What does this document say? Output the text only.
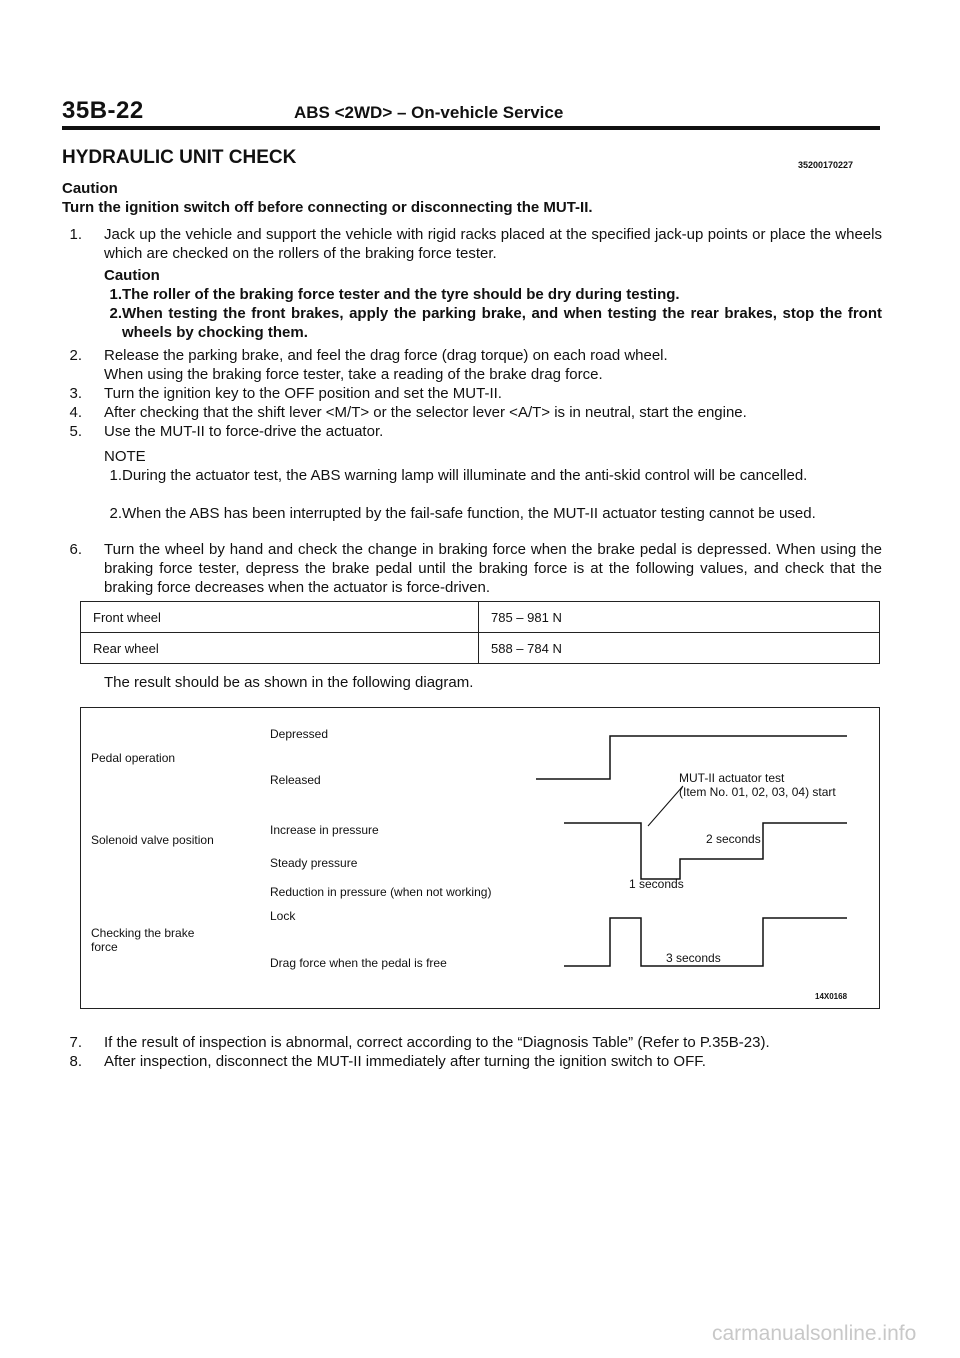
35B-22	ABS <2WD> – On-vehicle Service
HYDRAULIC UNIT CHECK	35200170227
Caution
Turn the ignition switch off before connecting or disconnecting the MUT-II.
1. Jack up the vehicle and support the vehicle with rigid racks placed at the specified jack-up points or place the wheels which are checked on the rollers of the braking force tester.
Caution
1. The roller of the braking force tester and the tyre should be dry during testing.
2. When testing the front brakes, apply the parking brake, and when testing the rear brakes, stop the front wheels by chocking them.
2. Release the parking brake, and feel the drag force (drag torque) on each road wheel.
When using the braking force tester, take a reading of the brake drag force.
3. Turn the ignition key to the OFF position and set the MUT-II.
4. After checking that the shift lever <M/T> or the selector lever <A/T> is in neutral, start the engine.
5. Use the MUT-II to force-drive the actuator.
NOTE
1. During the actuator test, the ABS warning lamp will illuminate and the anti-skid control will be cancelled.
2. When the ABS has been interrupted by the fail-safe function, the MUT-II actuator testing cannot be used.
6. Turn the wheel by hand and check the change in braking force when the brake pedal is depressed. When using the braking force tester, depress the brake pedal until the braking force is at the following values, and check that the braking force decreases when the actuator is force-driven.
Front wheel	785 – 981 N
Rear wheel	588 – 784 N
The result should be as shown in the following diagram.
Pedal operation
Solenoid valve position
Checking the brake force
Depressed
Released
Increase in pressure
Steady pressure
Reduction in pressure (when not working)
Lock
Drag force when the pedal is free
MUT-II actuator test
(Item No. 01, 02, 03, 04) start
2 seconds
1 seconds
3 seconds
14X0168
7. If the result of inspection is abnormal, correct according to the “Diagnosis Table” (Refer to P.35B-23).
8. After inspection, disconnect the MUT-II immediately after turning the ignition switch to OFF.
carmanualsonline.info
